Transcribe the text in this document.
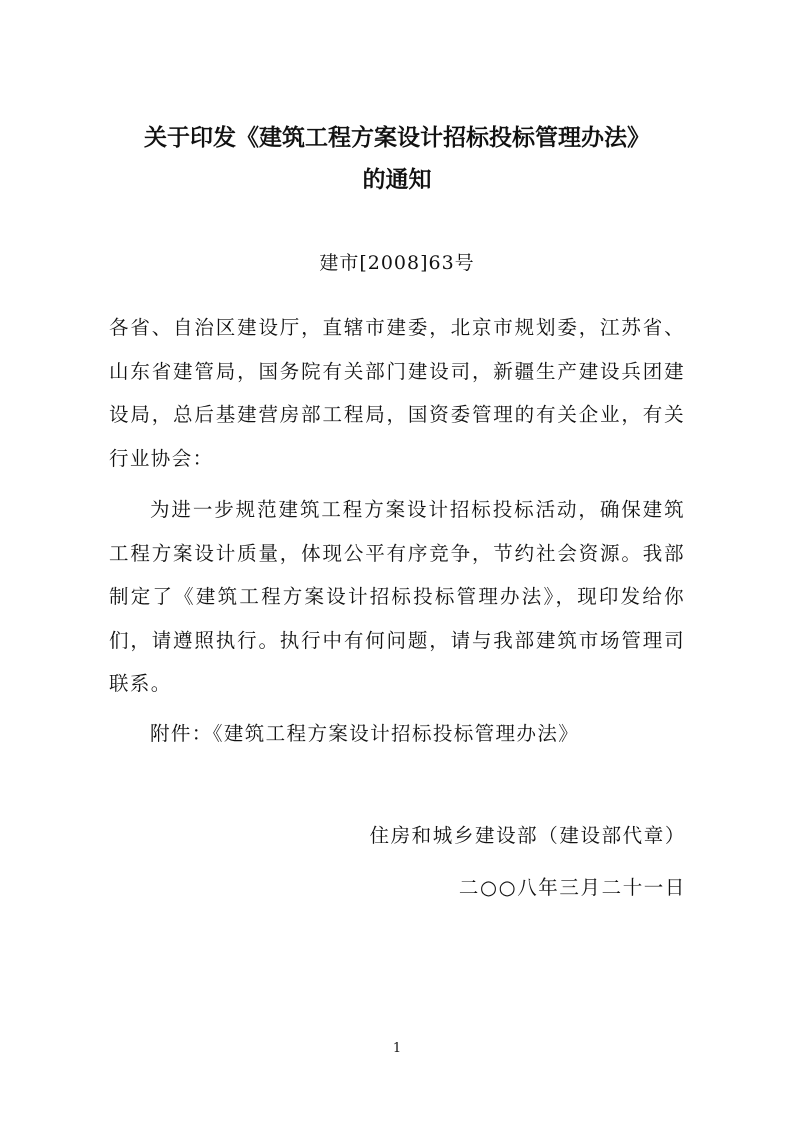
关于印发《建筑工程方案设计招标投标管理办法》
的通知
建市[2008]63号

各省、自治区建设厅，直辖市建委，北京市规划委，江苏省、山东省建管局，国务院有关部门建设司，新疆生产建设兵团建设局，总后基建营房部工程局，国资委管理的有关企业，有关行业协会：

为进一步规范建筑工程方案设计招标投标活动，确保建筑工程方案设计质量，体现公平有序竞争，节约社会资源。我部制定了《建筑工程方案设计招标投标管理办法》，现印发给你们，请遵照执行。执行中有何问题，请与我部建筑市场管理司联系。

附件：《建筑工程方案设计招标投标管理办法》

住房和城乡建设部（建设部代章）
二○○八年三月二十一日
1
